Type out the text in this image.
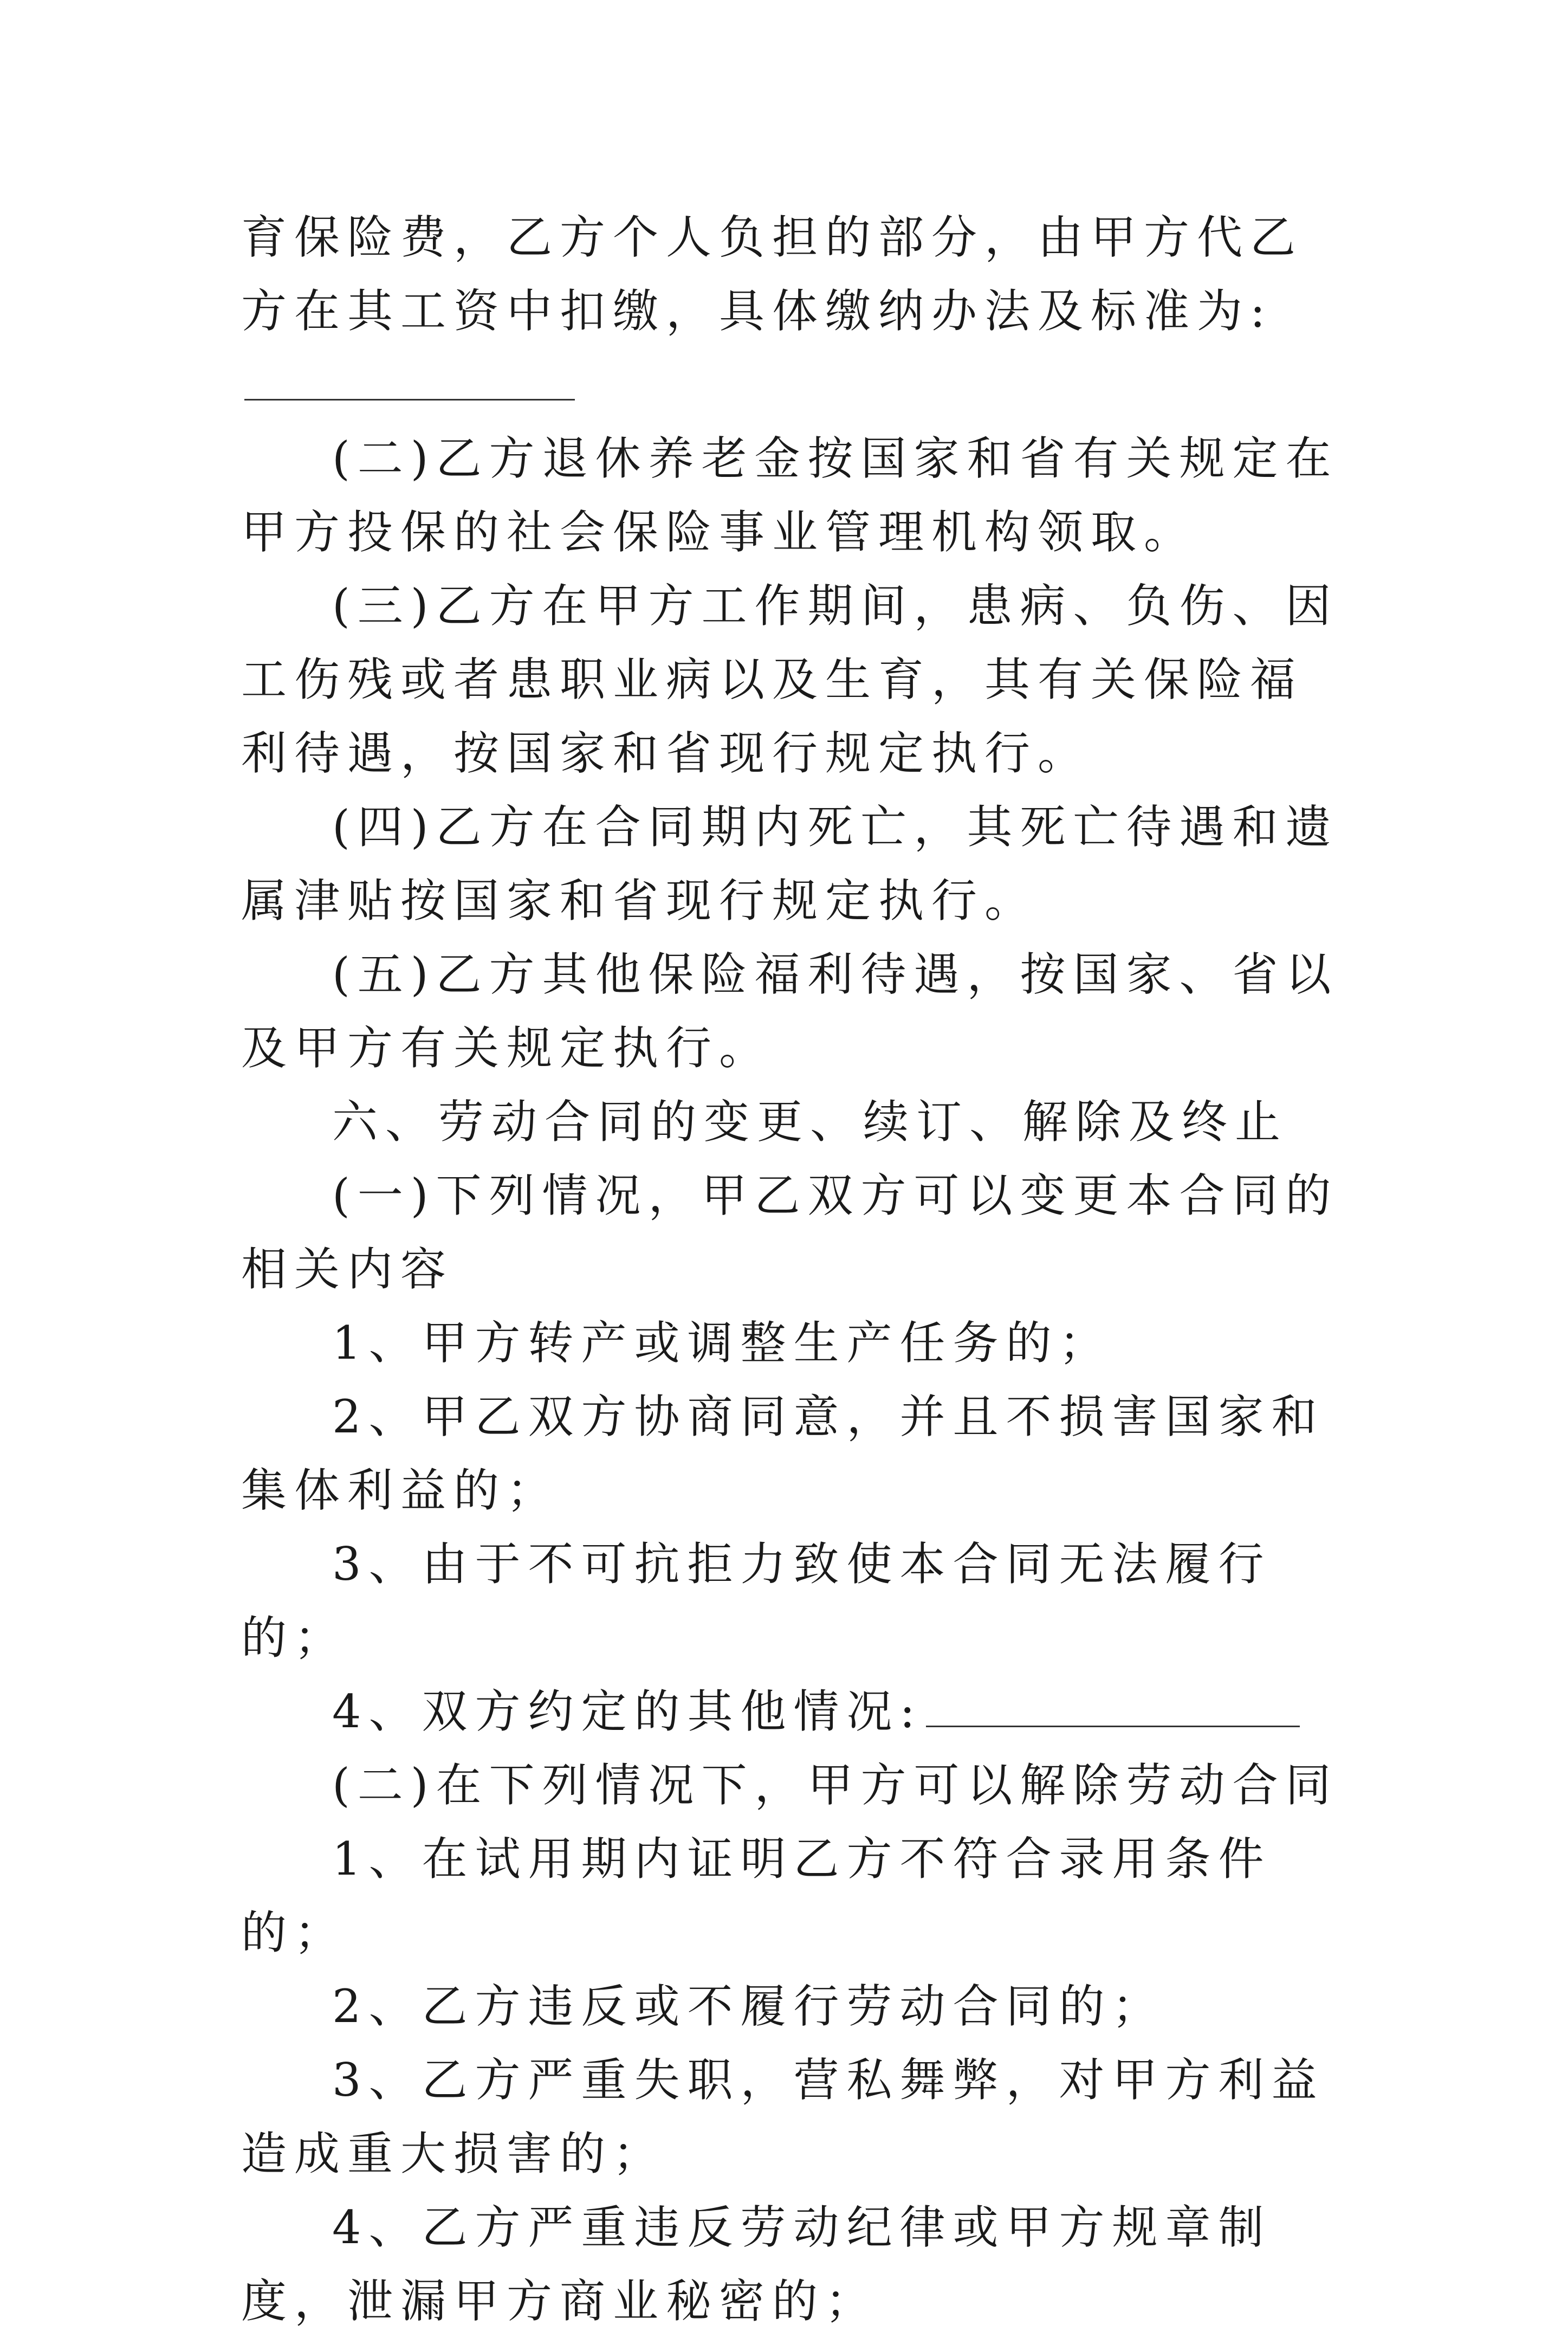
育保险费，乙方个人负担的部分，由甲方代乙方在其工资中扣缴，具体缴纳办法及标准为:

(二)乙方退休养老金按国家和省有关规定在甲方投保的社会保险事业管理机构领取。

(三)乙方在甲方工作期间，患病、负伤、因工伤残或者患职业病以及生育，其有关保险福利待遇，按国家和省现行规定执行。

(四)乙方在合同期内死亡，其死亡待遇和遗属津贴按国家和省现行规定执行。

(五)乙方其他保险福利待遇，按国家、省以及甲方有关规定执行。

六、劳动合同的变更、续订、解除及终止

(一)下列情况，甲乙双方可以变更本合同的相关内容

1、甲方转产或调整生产任务的；

2、甲乙双方协商同意，并且不损害国家和集体利益的；

3、由于不可抗拒力致使本合同无法履行的；

4、双方约定的其他情况:

(二)在下列情况下，甲方可以解除劳动合同

1、在试用期内证明乙方不符合录用条件的；

2、乙方违反或不履行劳动合同的；

3、乙方严重失职，营私舞弊，对甲方利益造成重大损害的；

4、乙方严重违反劳动纪律或甲方规章制度，泄漏甲方商业秘密的；
